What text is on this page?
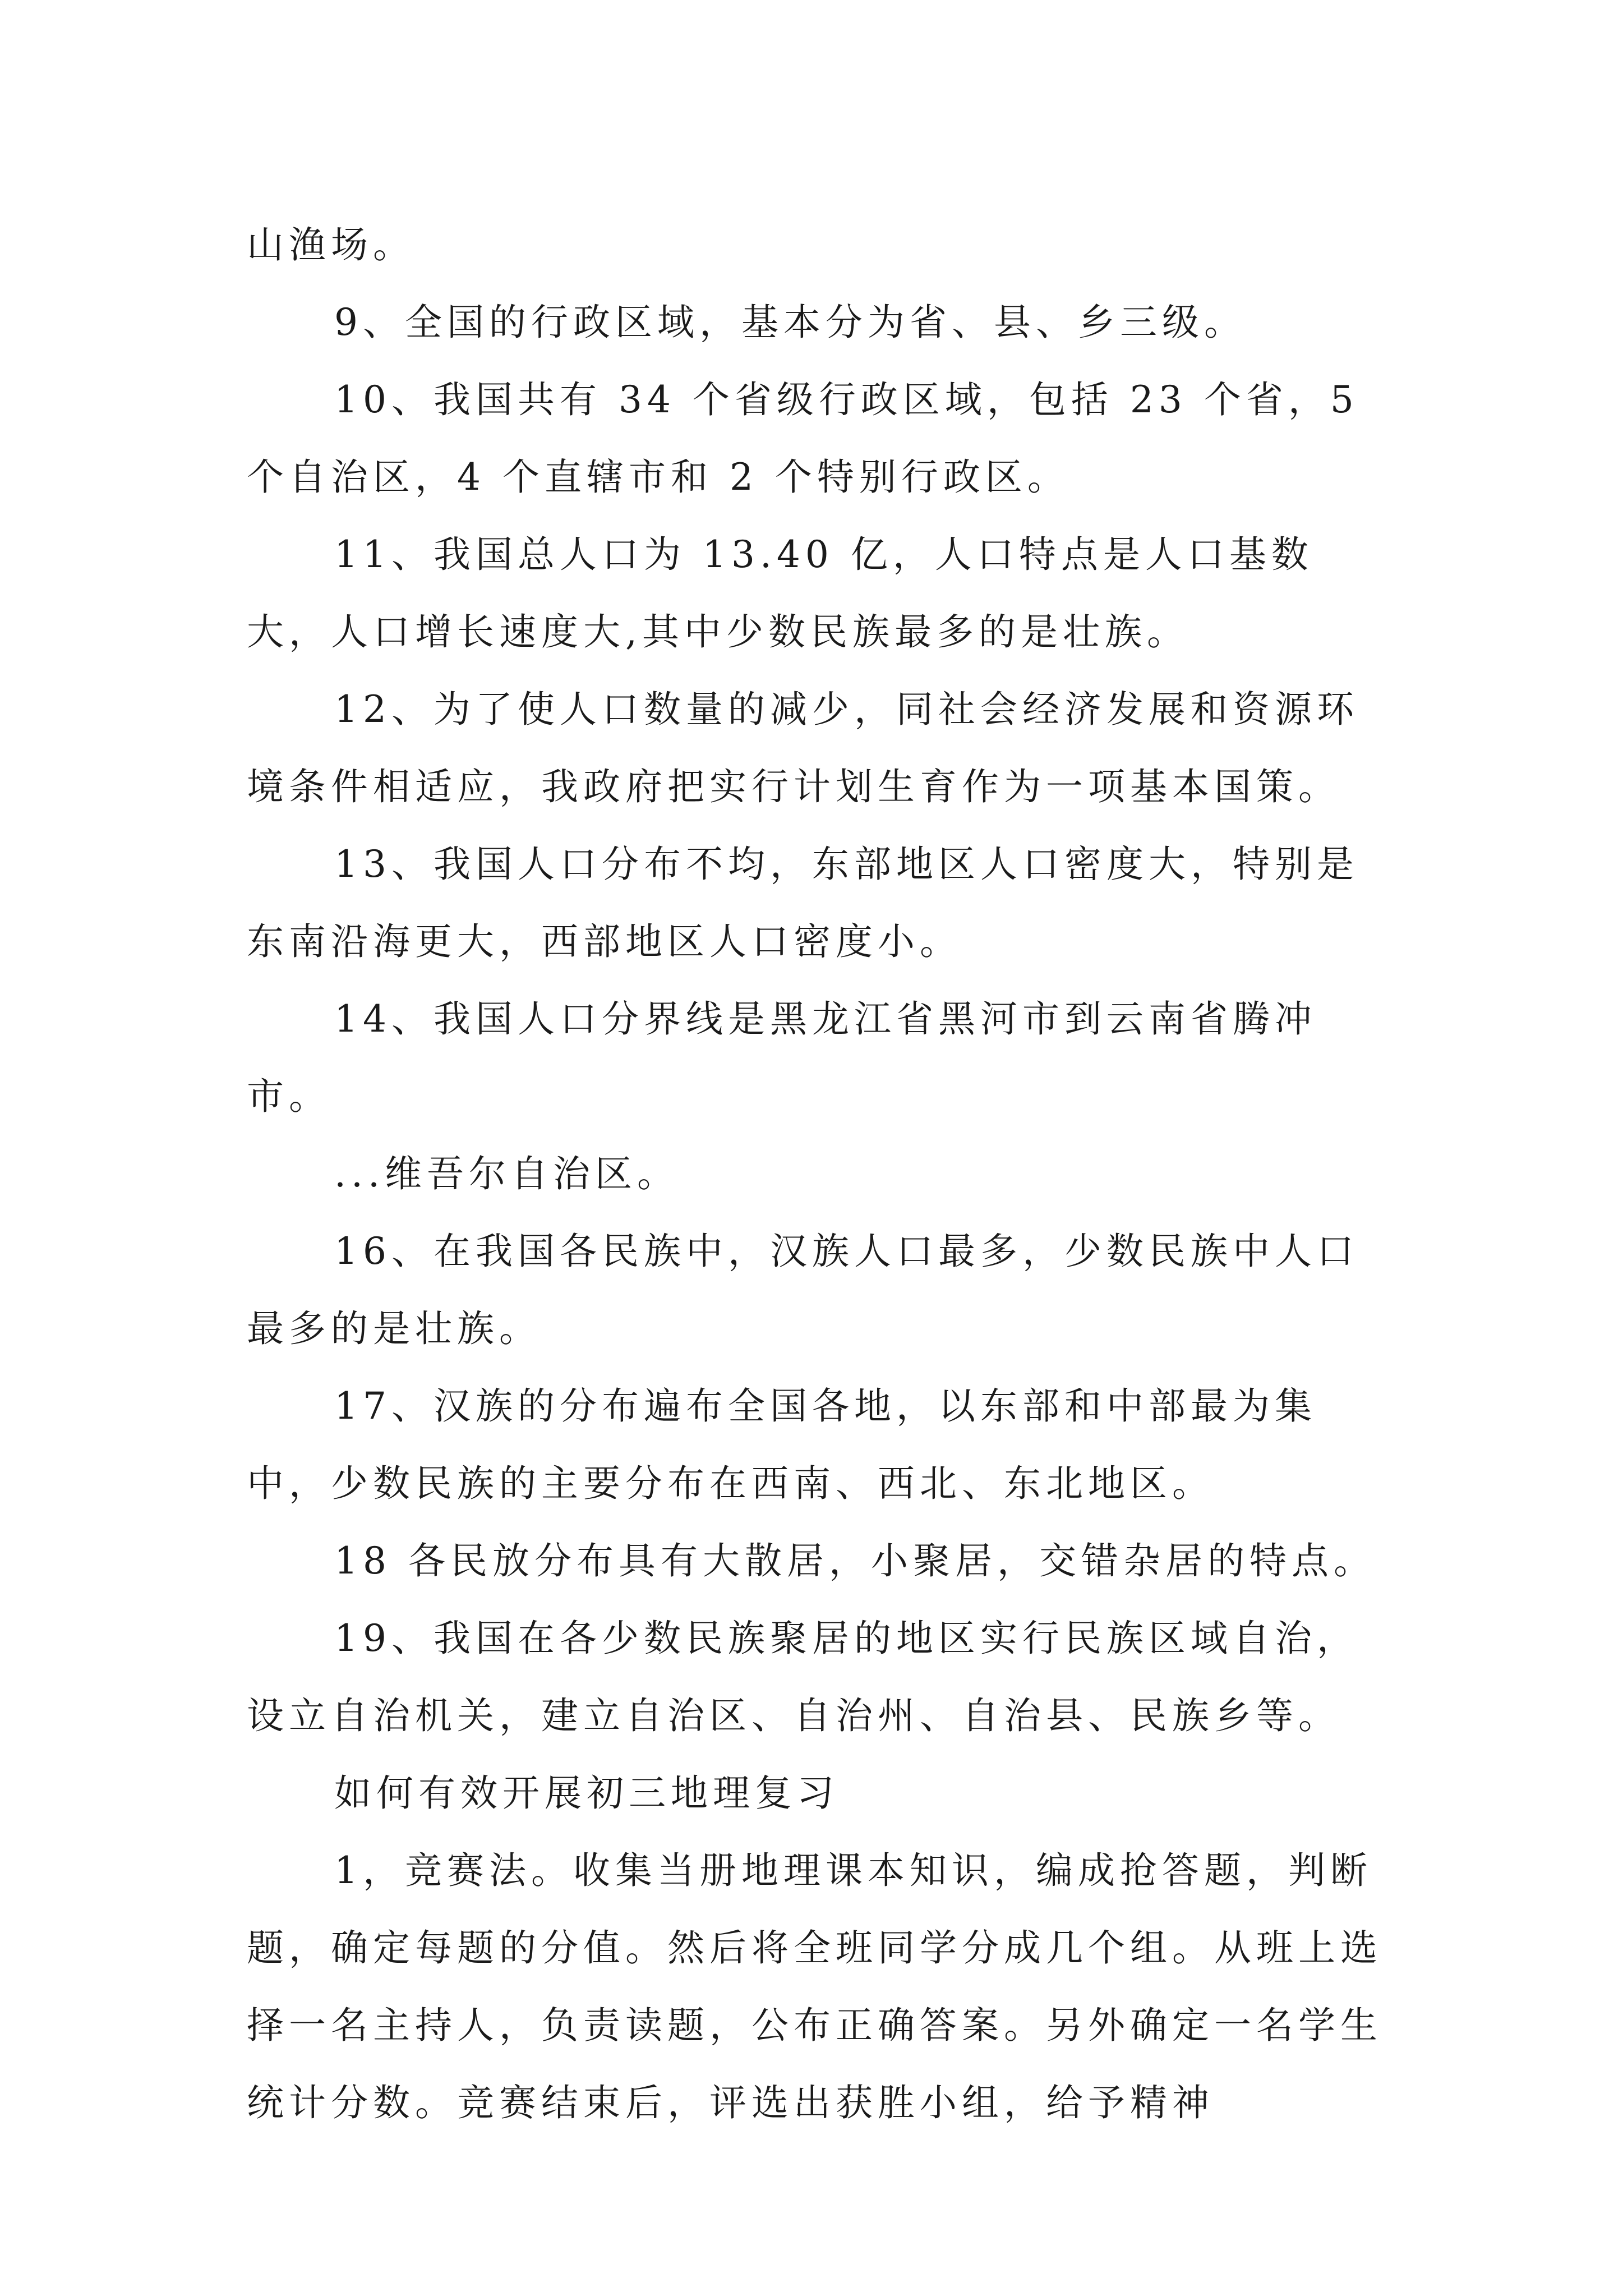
山渔场。

9、全国的行政区域，基本分为省、县、乡三级。

10、我国共有 34 个省级行政区域，包括 23 个省，5 个自治区，4 个直辖市和 2 个特别行政区。

11、我国总人口为 13.40 亿，人口特点是人口基数大，人口增长速度大,其中少数民族最多的是壮族。

12、为了使人口数量的减少，同社会经济发展和资源环境条件相适应，我政府把实行计划生育作为一项基本国策。

13、我国人口分布不均，东部地区人口密度大，特别是东南沿海更大，西部地区人口密度小。

14、我国人口分界线是黑龙江省黑河市到云南省腾冲市。

...维吾尔自治区。

16、在我国各民族中，汉族人口最多，少数民族中人口最多的是壮族。

17、汉族的分布遍布全国各地，以东部和中部最为集中，少数民族的主要分布在西南、西北、东北地区。

18 各民放分布具有大散居，小聚居，交错杂居的特点。

19、我国在各少数民族聚居的地区实行民族区域自治，设立自治机关，建立自治区、自治州、自治县、民族乡等。

如何有效开展初三地理复习

1，竞赛法。收集当册地理课本知识，编成抢答题，判断题，确定每题的分值。然后将全班同学分成几个组。从班上选择一名主持人，负责读题，公布正确答案。另外确定一名学生统计分数。竞赛结束后，评选出获胜小组，给予精神
